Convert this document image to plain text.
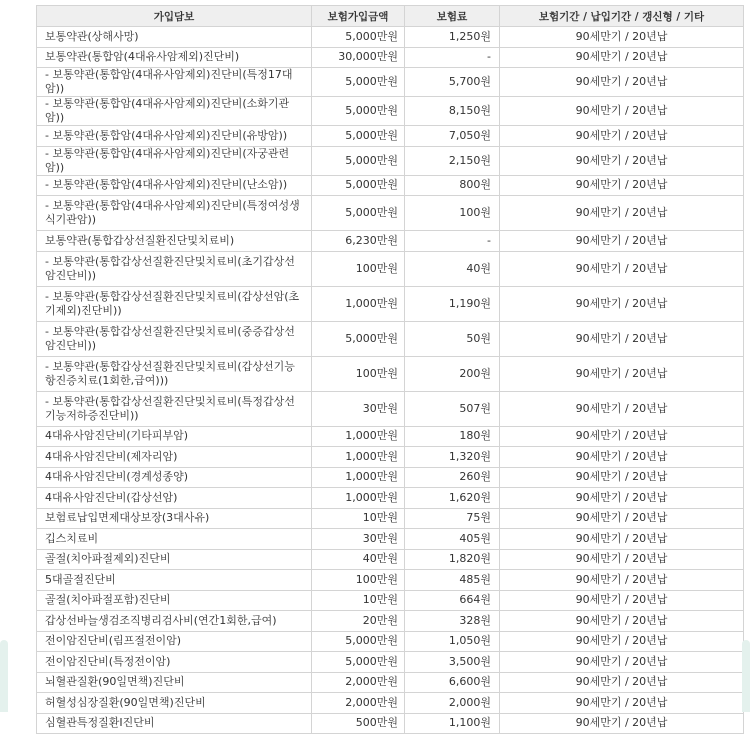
가입담보	보험가입금액	보험료	보험기간 / 납입기간 / 갱신형 / 기타
보통약관(상해사망)	5,000만원	1,250원	90세만기 / 20년납
보통약관(통합암(4대유사암제외)진단비)	30,000만원	-	90세만기 / 20년납
- 보통약관(통합암(4대유사암제외)진단비(특정17대암))	5,000만원	5,700원	90세만기 / 20년납
- 보통약관(통합암(4대유사암제외)진단비(소화기관암))	5,000만원	8,150원	90세만기 / 20년납
- 보통약관(통합암(4대유사암제외)진단비(유방암))	5,000만원	7,050원	90세만기 / 20년납
- 보통약관(통합암(4대유사암제외)진단비(자궁관련암))	5,000만원	2,150원	90세만기 / 20년납
- 보통약관(통합암(4대유사암제외)진단비(난소암))	5,000만원	800원	90세만기 / 20년납
- 보통약관(통합암(4대유사암제외)진단비(특정여성생식기관암))	5,000만원	100원	90세만기 / 20년납
보통약관(통합갑상선질환진단및치료비)	6,230만원	-	90세만기 / 20년납
- 보통약관(통합갑상선질환진단및치료비(초기갑상선암진단비))	100만원	40원	90세만기 / 20년납
- 보통약관(통합갑상선질환진단및치료비(갑상선암(초기제외)진단비))	1,000만원	1,190원	90세만기 / 20년납
- 보통약관(통합갑상선질환진단및치료비(중증갑상선암진단비))	5,000만원	50원	90세만기 / 20년납
- 보통약관(통합갑상선질환진단및치료비(갑상선기능항진증치료(1회한,급여)))	100만원	200원	90세만기 / 20년납
- 보통약관(통합갑상선질환진단및치료비(특정갑상선기능저하증진단비))	30만원	507원	90세만기 / 20년납
4대유사암진단비(기타피부암)	1,000만원	180원	90세만기 / 20년납
4대유사암진단비(제자리암)	1,000만원	1,320원	90세만기 / 20년납
4대유사암진단비(경계성종양)	1,000만원	260원	90세만기 / 20년납
4대유사암진단비(갑상선암)	1,000만원	1,620원	90세만기 / 20년납
보험료납입면제대상보장(3대사유)	10만원	75원	90세만기 / 20년납
깁스치료비	30만원	405원	90세만기 / 20년납
골절(치아파절제외)진단비	40만원	1,820원	90세만기 / 20년납
5대골절진단비	100만원	485원	90세만기 / 20년납
골절(치아파절포함)진단비	10만원	664원	90세만기 / 20년납
갑상선바늘생검조직병리검사비(연간1회한,급여)	20만원	328원	90세만기 / 20년납
전이암진단비(림프절전이암)	5,000만원	1,050원	90세만기 / 20년납
전이암진단비(특정전이암)	5,000만원	3,500원	90세만기 / 20년납
뇌혈관질환(90일면책)진단비	2,000만원	6,600원	90세만기 / 20년납
허혈성심장질환(90일면책)진단비	2,000만원	2,000원	90세만기 / 20년납
심혈관특정질환Ⅰ진단비	500만원	1,100원	90세만기 / 20년납
